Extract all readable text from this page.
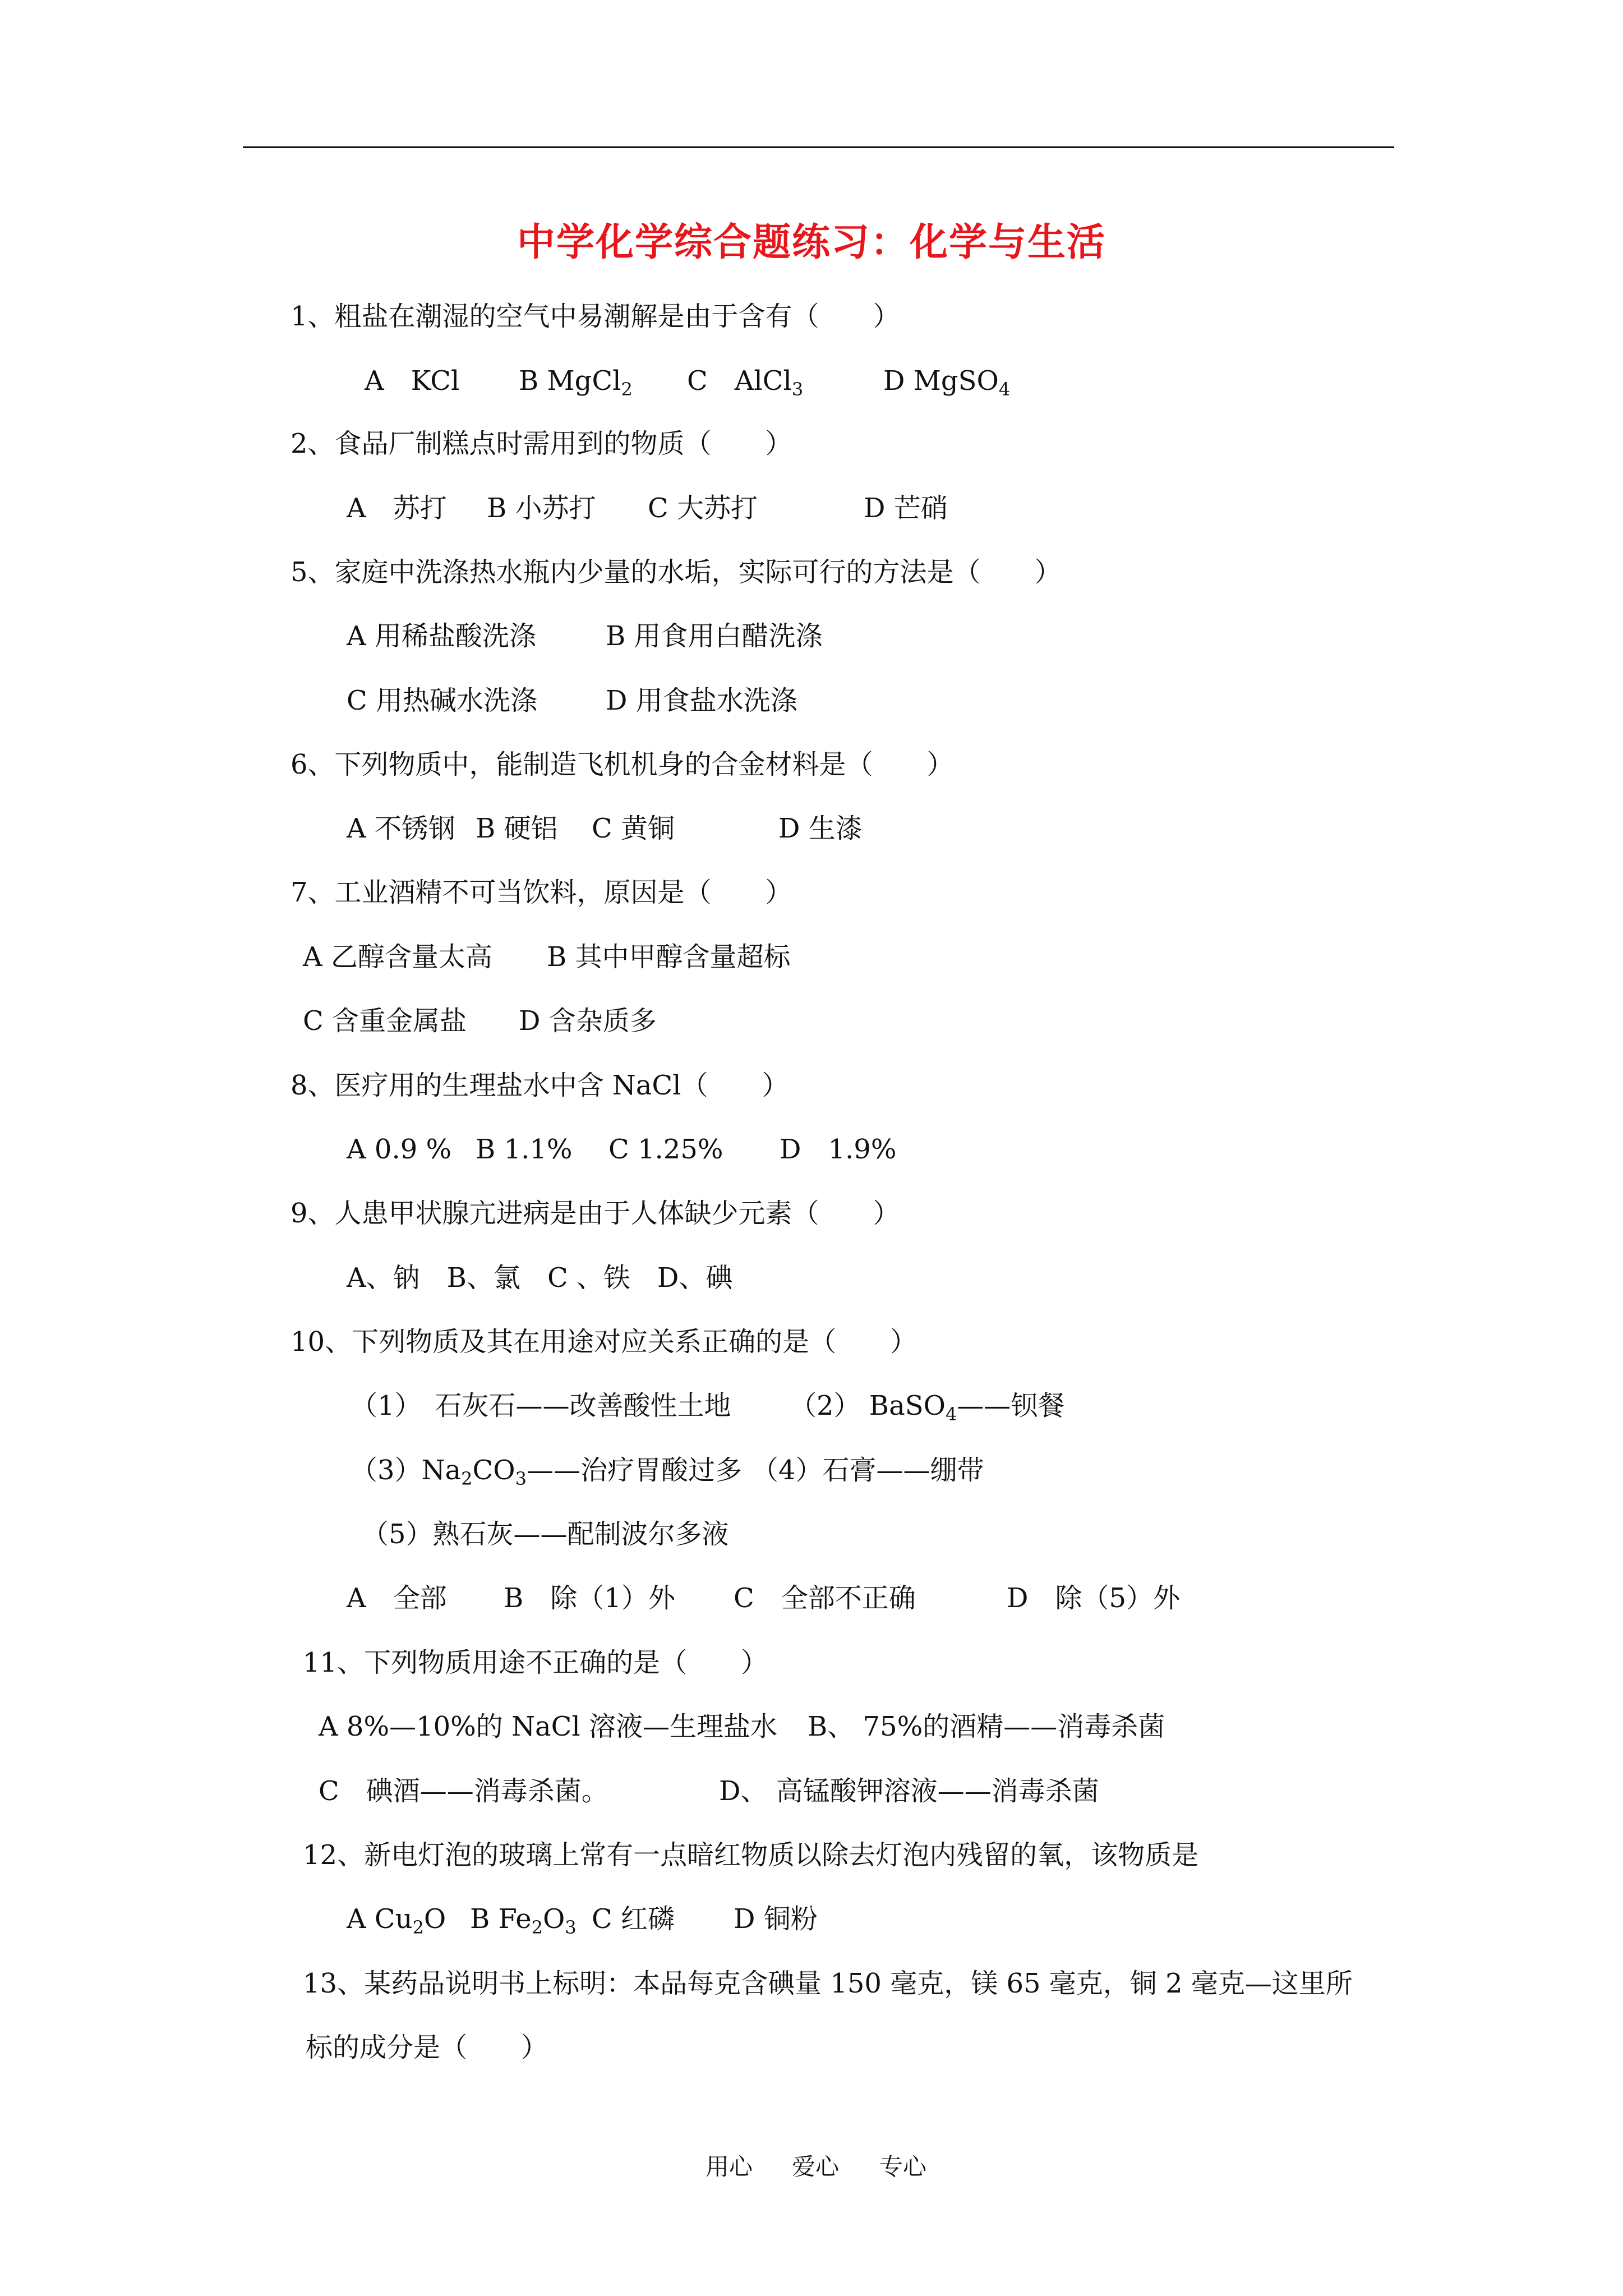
中学化学综合题练习：化学与生活
1、粗盐在潮湿的空气中易潮解是由于含有（　　）
A　KCl B MgCl$_2$ C　AlCl$_3$	D MgSO$_4$
2、食品厂制糕点时需用到的物质（　　）
A　苏打 B 小苏打 C 大苏打	D 芒硝
5、家庭中洗涤热水瓶内少量的水垢，实际可行的方法是（　　）
A 用稀盐酸洗涤	B 用食用白醋洗涤
C 用热碱水洗涤	D 用食盐水洗涤
6、下列物质中，能制造飞机机身的合金材料是（　　）
A 不锈钢 B 硬铝 C 黄铜	D 生漆
7、工业酒精不可当饮料，原因是（　　）
A 乙醇含量太高 B 其中甲醇含量超标
C 含重金属盐 D 含杂质多
8、医疗用的生理盐水中含 NaCl（　　）
A 0.9 % B 1.1% C 1.25% D　1.9%
9、人患甲状腺亢进病是由于人体缺少元素（　　）
A、钠　B、氯　C 、铁　D、碘
10、下列物质及其在用途对应关系正确的是（　　）
（1）　石灰石——改善酸性土地 （2） BaSO$_4$——钡餐
$(3)Na_2CO_3——$治疗胃酸过多 （4）石膏——绷带
（5）熟石灰——配制波尔多液
A　全部 B　除（1）外 C　全部不正确	D　除（5）外
11、下列物质用途不正确的是（　　）
A 8%—10%的 NaCl 溶液—生理盐水 B、 75%的酒精——消毒杀菌
C　碘酒——消毒杀菌。	D、 高锰酸钾溶液——消毒杀菌
12、新电灯泡的玻璃上常有一点暗红物质以除去灯泡内残留的氧，该物质是
A $Cu_2O$ B $Fe_2O_3$ C 红磷 D 铜粉
13、某药品说明书上标明：本品每克含碘量 150 毫克，镁 65 毫克，铜 2 毫克—这里所
标的成分是（　　）
用心 爱心 专心
